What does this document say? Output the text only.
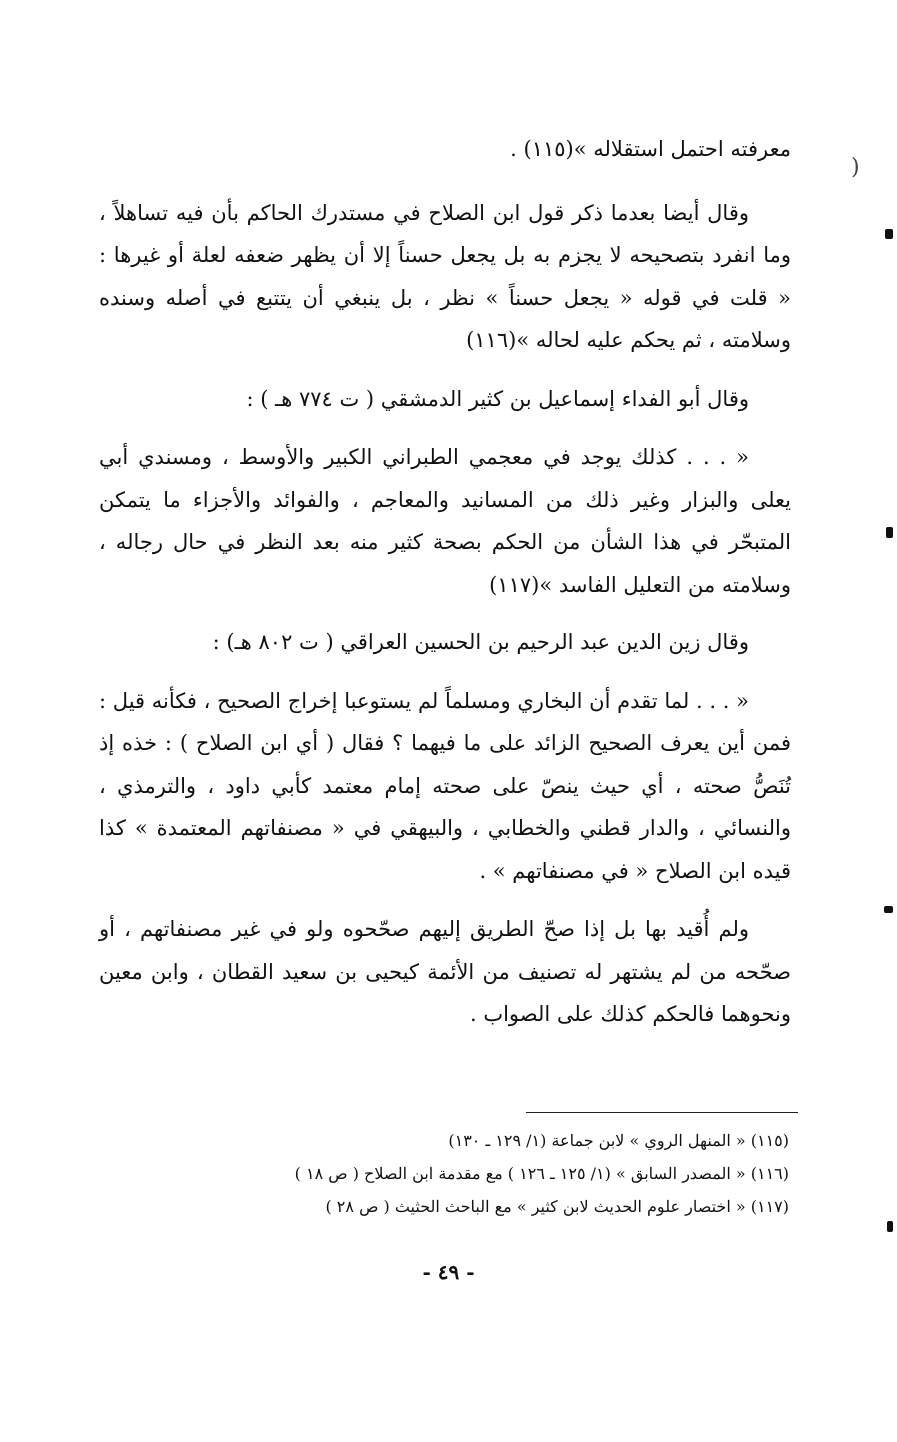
(

معرفته احتمل استقلاله »(١١٥) .

وقال أيضا بعدما ذكر قول ابن الصلاح في مستدرك الحاكم بأن فيه تساهلاً ، وما انفرد بتصحيحه لا يجزم به بل يجعل حسناً إلا أن يظهر ضعفه لعلة أو غيرها : « قلت في قوله « يجعل حسناً » نظر ، بل ينبغي أن يتتبع في أصله وسنده وسلامته ، ثم يحكم عليه لحاله »(١١٦)

وقال أبو الفداء إسماعيل بن كثير الدمشقي ( ت ٧٧٤ هـ ) :

« . . . كذلك يوجد في معجمي الطبراني الكبير والأوسط ، ومسندي أبي يعلى والبزار وغير ذلك من المسانيد والمعاجم ، والفوائد والأجزاء ما يتمكن المتبحّر في هذا الشأن من الحكم بصحة كثير منه بعد النظر في حال رجاله ، وسلامته من التعليل الفاسد »(١١٧)

وقال زين الدين عبد الرحيم بن الحسين العراقي ( ت ٨٠٢ هـ) :

« . . . لما تقدم أن البخاري ومسلماً لم يستوعبا إخراج الصحيح ، فكأنه قيل : فمن أين يعرف الصحيح الزائد على ما فيهما ؟ فقال ( أي ابن الصلاح ) : خذه إذ تُنَصُّ صحته ، أي حيث ينصّ على صحته إمام معتمد كأبي داود ، والترمذي ، والنسائي ، والدار قطني والخطابي ، والبيهقي في « مصنفاتهم المعتمدة » كذا قيده ابن الصلاح « في مصنفاتهم » .

ولم أُقيد بها بل إذا صحّ الطريق إليهم صحّحوه ولو في غير مصنفاتهم ، أو صحّحه من لم يشتهر له تصنيف من الأئمة كيحيى بن سعيد القطان ، وابن معين ونحوهما فالحكم كذلك على الصواب .

(١١٥) « المنهل الروي » لابن جماعة (١/ ١٢٩ ـ ١٣٠)

(١١٦) « المصدر السابق » (١/ ١٢٥ ـ ١٢٦ ) مع مقدمة ابن الصلاح ( ص ١٨ )

(١١٧) « اختصار علوم الحديث لابن كثير » مع الباحث الحثيث ( ص ٢٨ )

- ٤٩ -
